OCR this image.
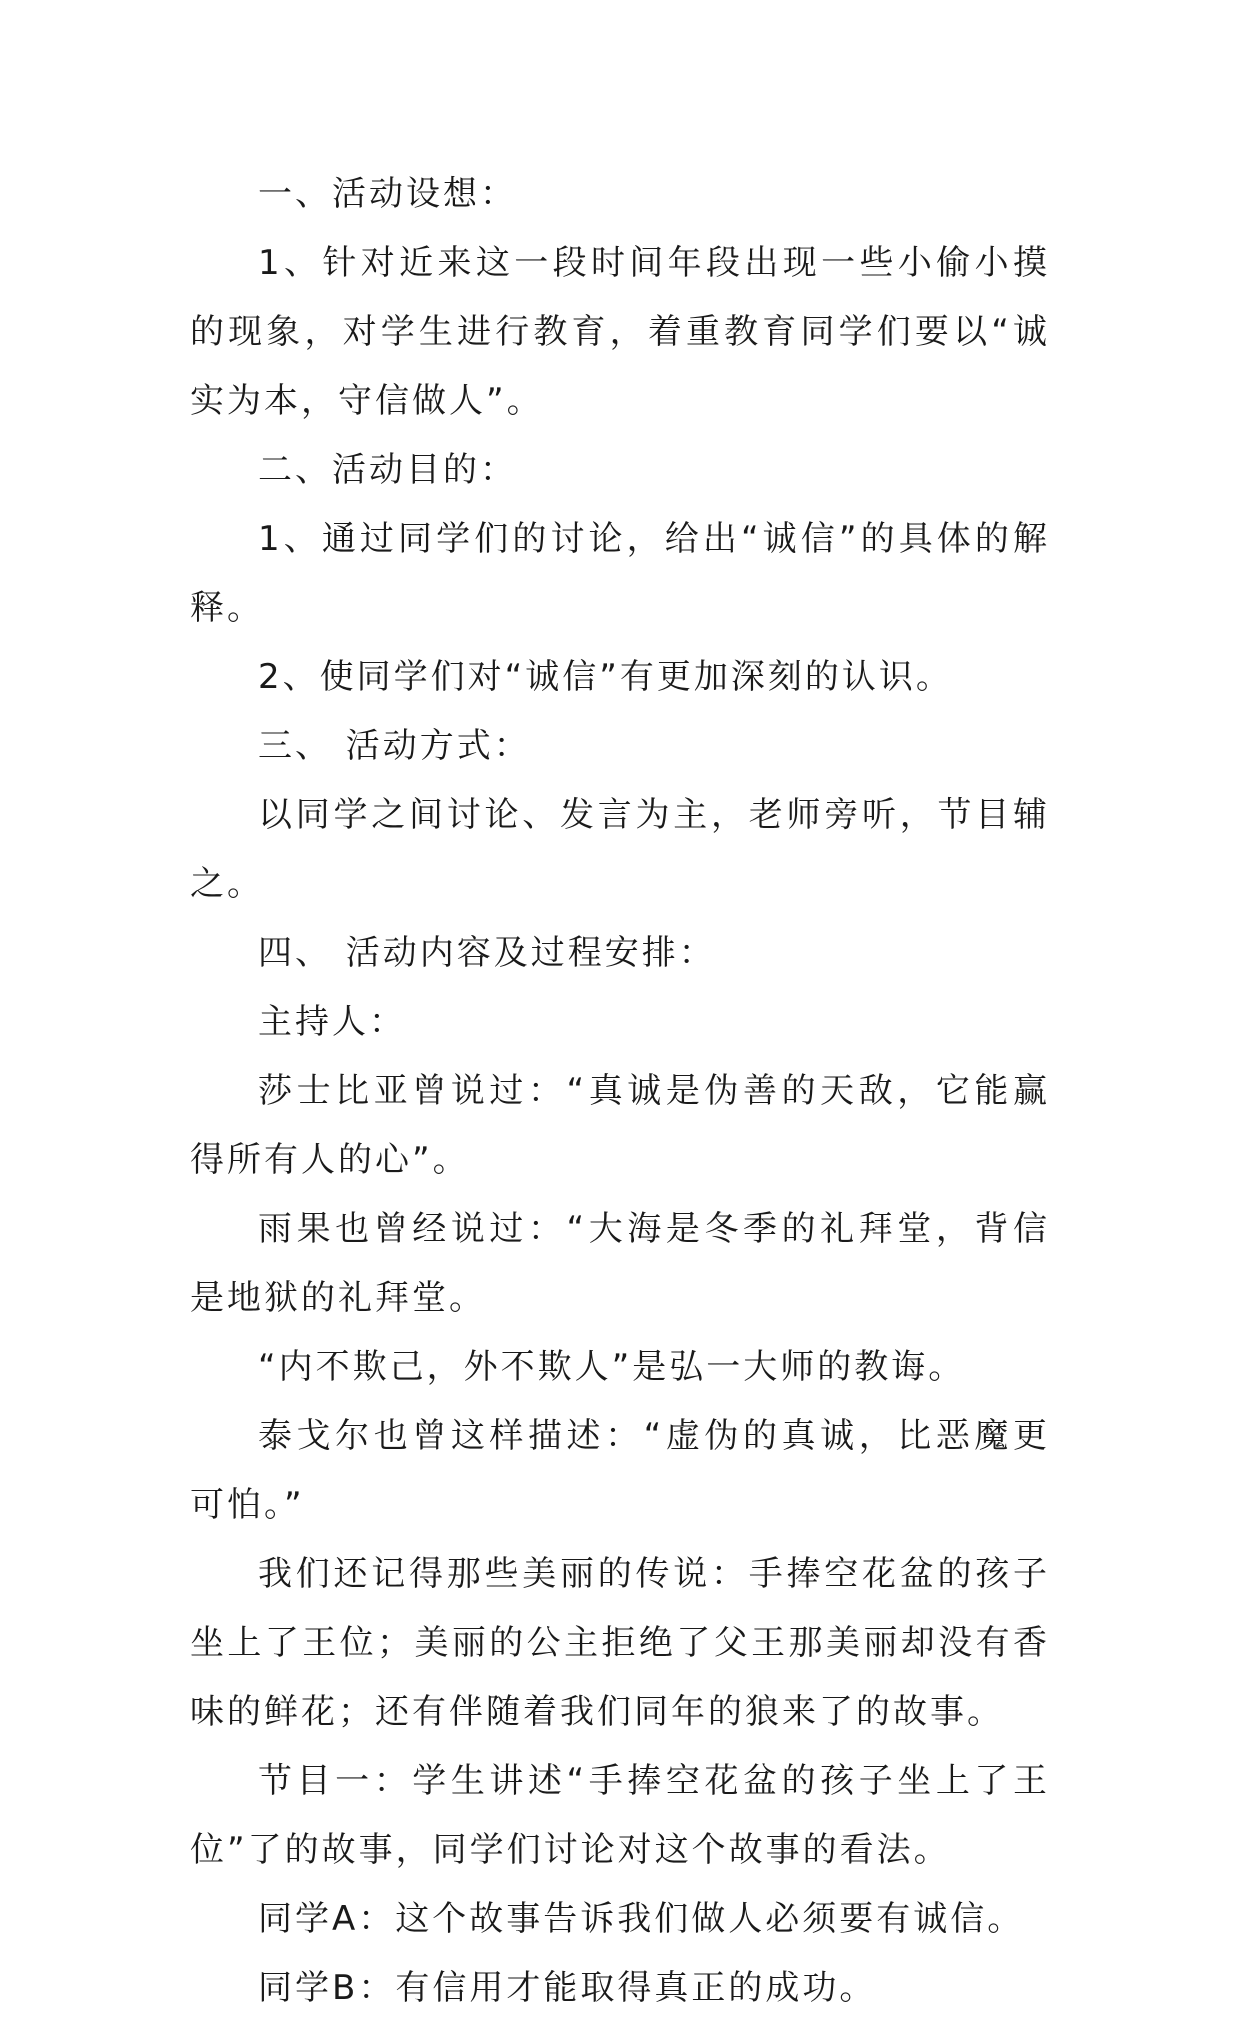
一、活动设想：

1、针对近来这一段时间年段出现一些小偷小摸的现象，对学生进行教育，着重教育同学们要以“诚实为本，守信做人”。

二、活动目的：

1、通过同学们的讨论，给出“诚信”的具体的解释。

2、使同学们对“诚信”有更加深刻的认识。

三、 活动方式：

以同学之间讨论、发言为主，老师旁听，节目辅之。

四、 活动内容及过程安排：

主持人：

莎士比亚曾说过：“真诚是伪善的天敌，它能赢得所有人的心”。

雨果也曾经说过：“大海是冬季的礼拜堂，背信是地狱的礼拜堂。

“内不欺己，外不欺人”是弘一大师的教诲。

泰戈尔也曾这样描述：“虚伪的真诚，比恶魔更可怕。”

我们还记得那些美丽的传说：手捧空花盆的孩子坐上了王位；美丽的公主拒绝了父王那美丽却没有香味的鲜花；还有伴随着我们同年的狼来了的故事。

节目一：学生讲述“手捧空花盆的孩子坐上了王位”了的故事，同学们讨论对这个故事的看法。

同学A：这个故事告诉我们做人必须要有诚信。

同学B：有信用才能取得真正的成功。
